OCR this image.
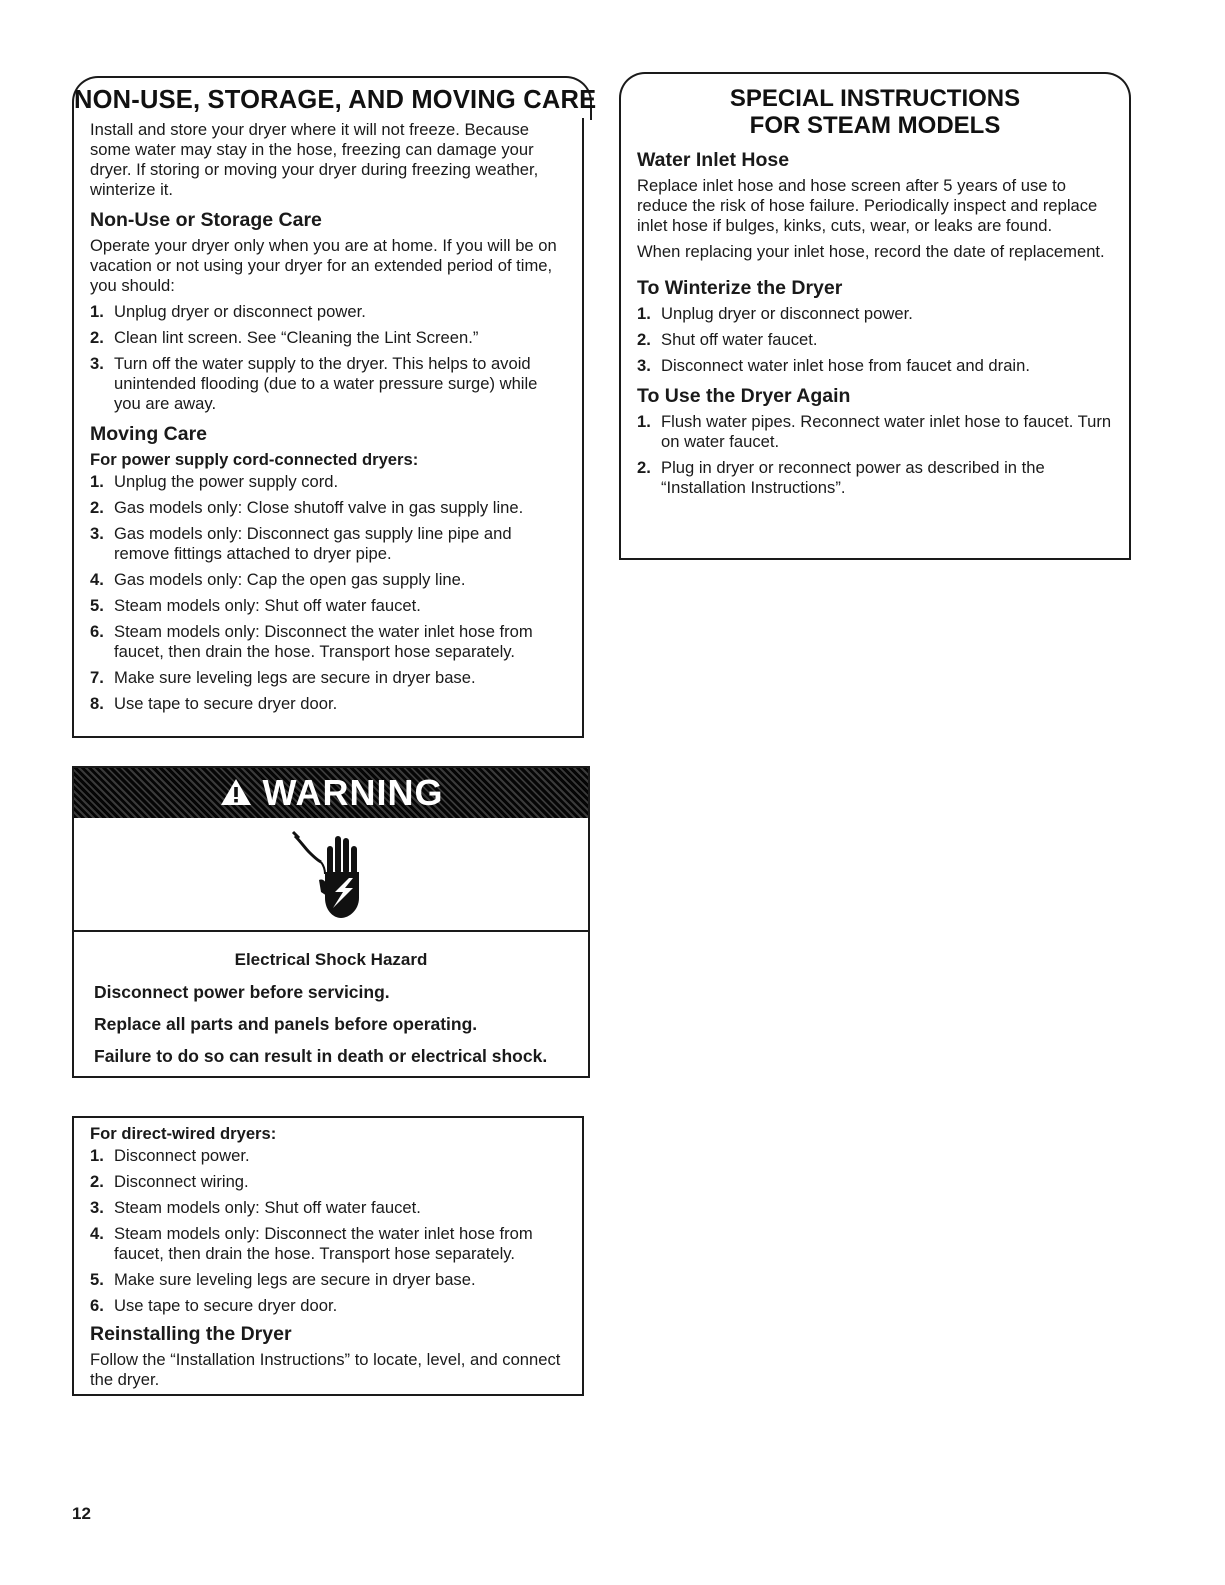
NON-USE, STORAGE, AND MOVING CARE

Install and store your dryer where it will not freeze. Because some water may stay in the hose, freezing can damage your dryer. If storing or moving your dryer during freezing weather, winterize it.

Non-Use or Storage Care

Operate your dryer only when you are at home. If you will be on vacation or not using your dryer for an extended period of time, you should:

1. Unplug dryer or disconnect power.
2. Clean lint screen. See “Cleaning the Lint Screen.”
3. Turn off the water supply to the dryer. This helps to avoid unintended flooding (due to a water pressure surge) while you are away.
Moving Care
For power supply cord-connected dryers:
1. Unplug the power supply cord.
2. Gas models only: Close shutoff valve in gas supply line.
3. Gas models only: Disconnect gas supply line pipe and remove fittings attached to dryer pipe.
4. Gas models only: Cap the open gas supply line.
5. Steam models only: Shut off water faucet.
6. Steam models only: Disconnect the water inlet hose from faucet, then drain the hose. Transport hose separately.
7. Make sure leveling legs are secure in dryer base.
8. Use tape to secure dryer door.
WARNING
Electrical Shock Hazard
Disconnect power before servicing.
Replace all parts and panels before operating.
Failure to do so can result in death or electrical shock.
For direct-wired dryers:
1. Disconnect power.
2. Disconnect wiring.
3. Steam models only: Shut off water faucet.
4. Steam models only: Disconnect the water inlet hose from faucet, then drain the hose. Transport hose separately.
5. Make sure leveling legs are secure in dryer base.
6. Use tape to secure dryer door.
Reinstalling the Dryer

Follow the “Installation Instructions” to locate, level, and connect the dryer.

SPECIAL INSTRUCTIONS
FOR STEAM MODELS
Water Inlet Hose

Replace inlet hose and hose screen after 5 years of use to reduce the risk of hose failure. Periodically inspect and replace inlet hose if bulges, kinks, cuts, wear, or leaks are found.

When replacing your inlet hose, record the date of replacement.

To Winterize the Dryer
1. Unplug dryer or disconnect power.
2. Shut off water faucet.
3. Disconnect water inlet hose from faucet and drain.
To Use the Dryer Again
1. Flush water pipes. Reconnect water inlet hose to faucet. Turn on water faucet.
2. Plug in dryer or reconnect power as described in the “Installation Instructions”.
12
